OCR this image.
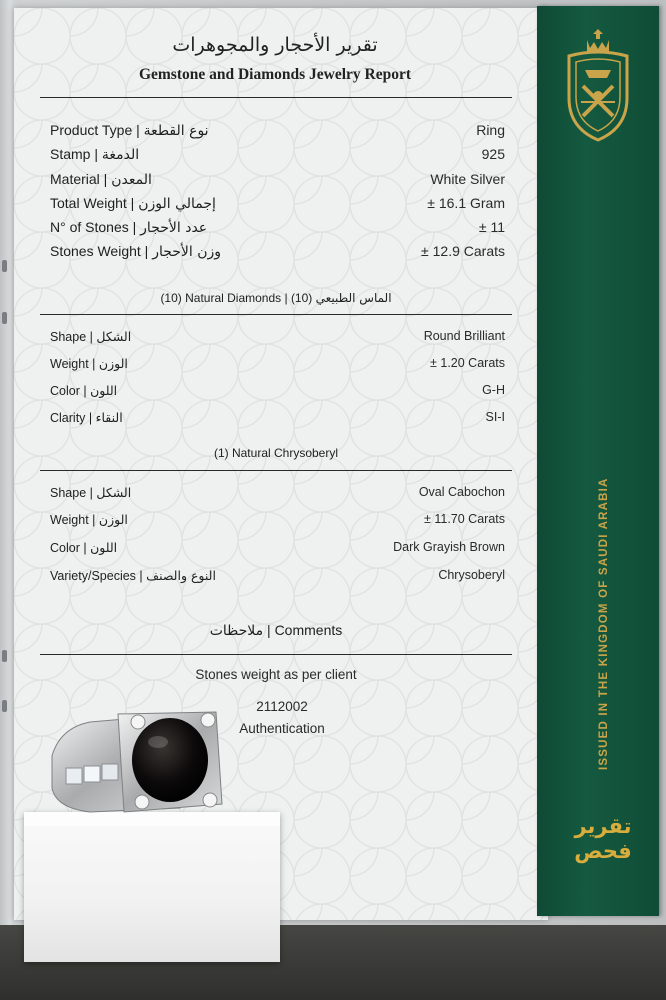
ISSUED IN THE KINGDOM OF SAUDI ARABIA
تقرير
فحص
تقرير الأحجار والمجوهرات
Gemstone and Diamonds Jewelry Report
Product Type | نوع القطعة	Ring
Stamp | الدمغة	925
Material | المعدن	White Silver
Total Weight | إجمالي الوزن	± 16.1 Gram
N° of Stones | عدد الأحجار	± 11
Stones Weight | وزن الأحجار	± 12.9 Carats
(10) Natural Diamonds | (10) الماس الطبيعي
Shape | الشكل	Round Brilliant
Weight | الوزن	± 1.20 Carats
Color | اللون	G-H
Clarity | النقاء	SI-I
(1) Natural Chrysoberyl
Shape | الشكل	Oval Cabochon
Weight | الوزن	± 11.70 Carats
Color | اللون	Dark Grayish Brown
Variety/Species | النوع والصنف	Chrysoberyl
ملاحظات | Comments
Stones weight as per client
2112002
Authentication
